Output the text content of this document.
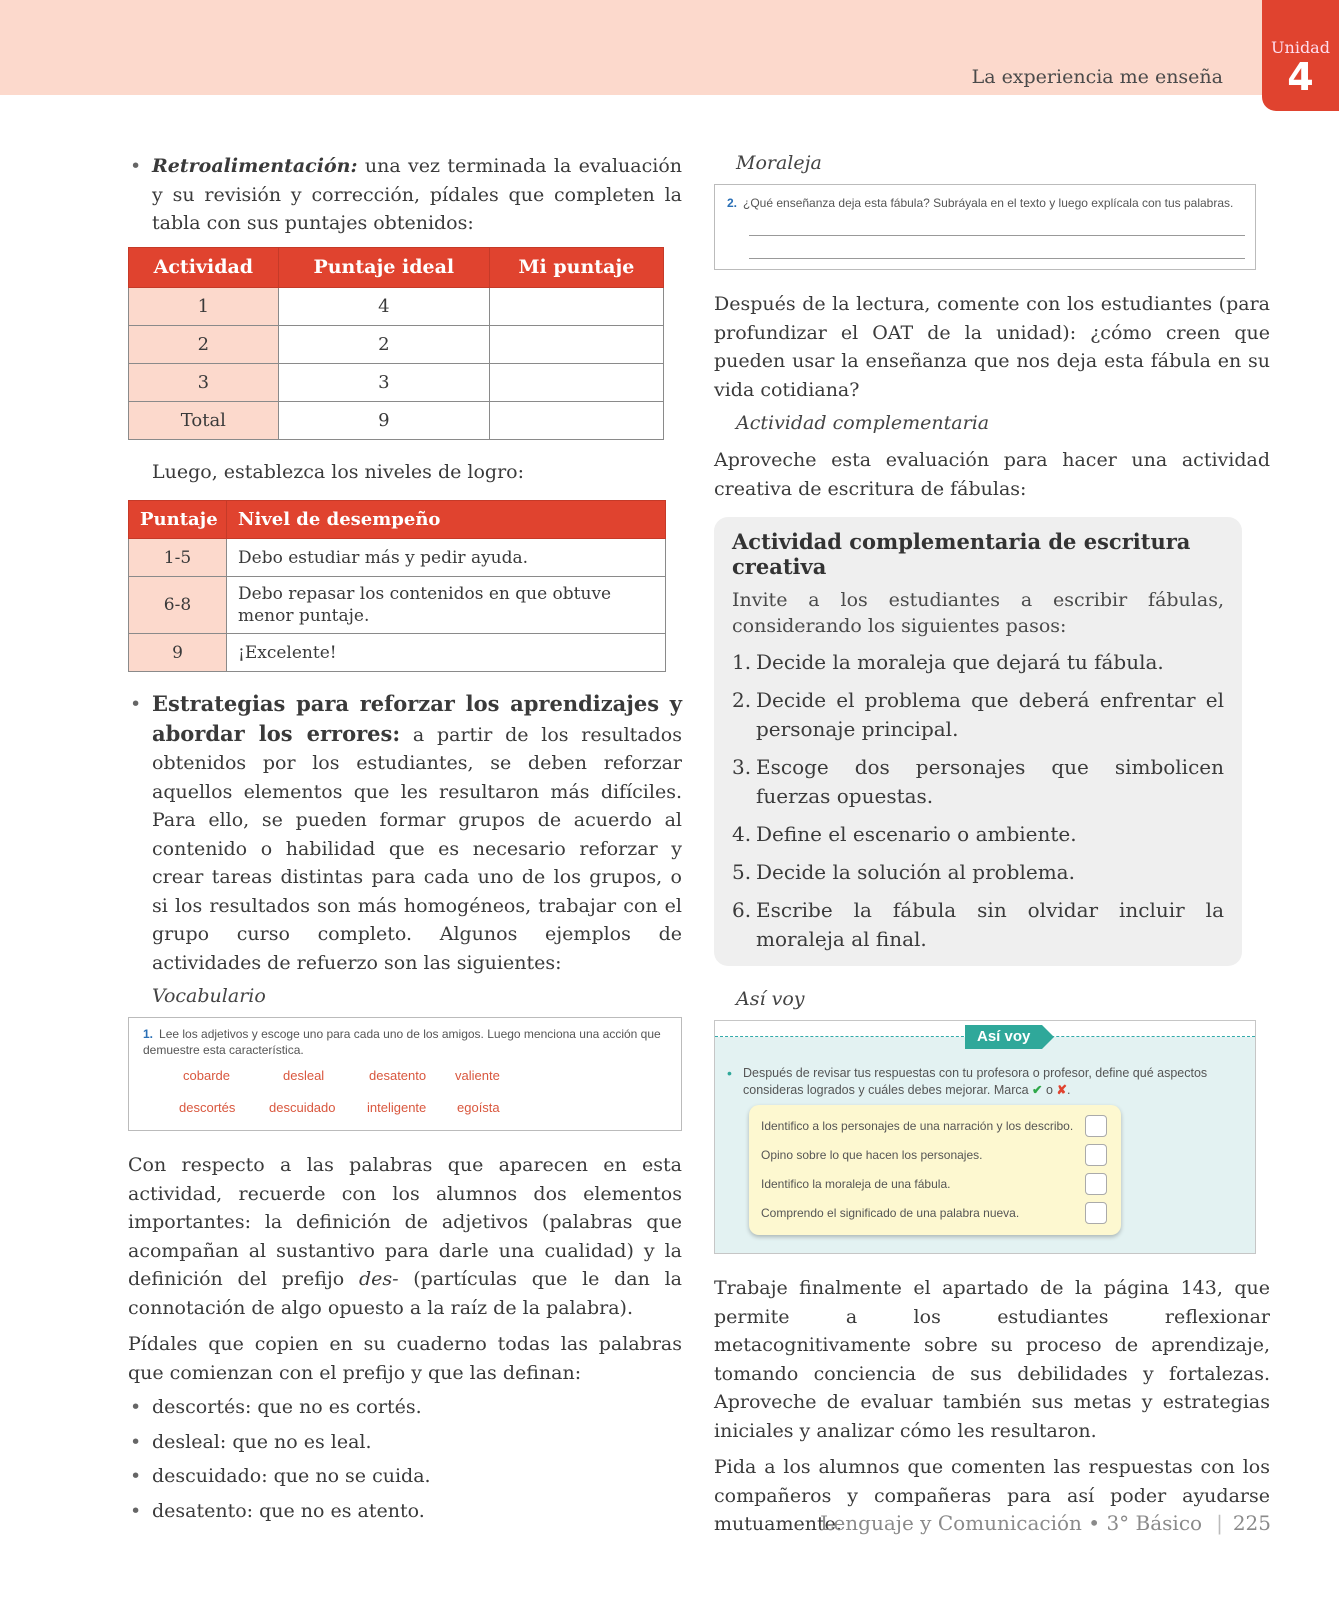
La experiencia me enseña
Unidad
4
• Retroalimentación: una vez terminada la evaluación y su revisión y corrección, pídales que completen la tabla con sus puntajes obtenidos:
Actividad	Puntaje ideal	Mi puntaje
1	4	
2	2	
3	3	
Total	9	

Luego, establezca los niveles de logro:

Puntaje	Nivel de desempeño
1-5	Debo estudiar más y pedir ayuda.
6-8	Debo repasar los contenidos en que obtuve menor puntaje.
9	¡Excelente!
• Estrategias para reforzar los aprendizajes y abordar los errores: a partir de los resultados obtenidos por los estudiantes, se deben reforzar aquellos elementos que les resultaron más difíciles. Para ello, se pueden formar grupos de acuerdo al contenido o habilidad que es necesario reforzar y crear tareas distintas para cada uno de los grupos, o si los resultados son más homogéneos, trabajar con el grupo curso completo. Algunos ejemplos de actividades de refuerzo son las siguientes:
Vocabulario
1. Lee los adjetivos y escoge uno para cada uno de los amigos. Luego menciona una acción que demuestre esta característica.
cobarde	desleal	desatento valiente
descortés	descuidado inteligente egoísta

Con respecto a las palabras que aparecen en esta actividad, recuerde con los alumnos dos elementos importantes: la definición de adjetivos (palabras que acompañan al sustantivo para darle una cualidad) y la definición del prefijo des- (partículas que le dan la connotación de algo opuesto a la raíz de la palabra).

Pídales que copien en su cuaderno todas las palabras que comienzan con el prefijo y que las definan:

• descortés: que no es cortés.
• desleal: que no es leal.
• descuidado: que no se cuida.
• desatento: que no es atento.
Moraleja
2. ¿Qué enseñanza deja esta fábula? Subráyala en el texto y luego explícala con tus palabras.

Después de la lectura, comente con los estudiantes (para profundizar el OAT de la unidad): ¿cómo creen que pueden usar la enseñanza que nos deja esta fábula en su vida cotidiana?

Actividad complementaria

Aproveche esta evaluación para hacer una actividad creativa de escritura de fábulas:

Actividad complementaria de escritura creativa

Invite a los estudiantes a escribir fábulas, considerando los siguientes pasos:

1. Decide la moraleja que dejará tu fábula.
2. Decide el problema que deberá enfrentar el personaje principal.
3. Escoge dos personajes que simbolicen fuerzas opuestas.
4. Define el escenario o ambiente.
5. Decide la solución al problema.
6. Escribe la fábula sin olvidar incluir la moraleja al final.
Así voy
Así voy
• Después de revisar tus respuestas con tu profesora o profesor, define qué aspectos consideras logrados y cuáles debes mejorar. Marca ✔ o ✘.
Identifico a los personajes de una narración y los describo.
Opino sobre lo que hacen los personajes.
Identifico la moraleja de una fábula.
Comprendo el significado de una palabra nueva.

Trabaje finalmente el apartado de la página 143, que permite a los estudiantes reflexionar metacognitivamente sobre su proceso de aprendizaje, tomando conciencia de sus debilidades y fortalezas. Aproveche de evaluar también sus metas y estrategias iniciales y analizar cómo les resultaron.

Pida a los alumnos que comenten las respuestas con los compañeros y compañeras para así poder ayudarse mutuamente.

Lenguaje y Comunicación • 3° Básico | 225
